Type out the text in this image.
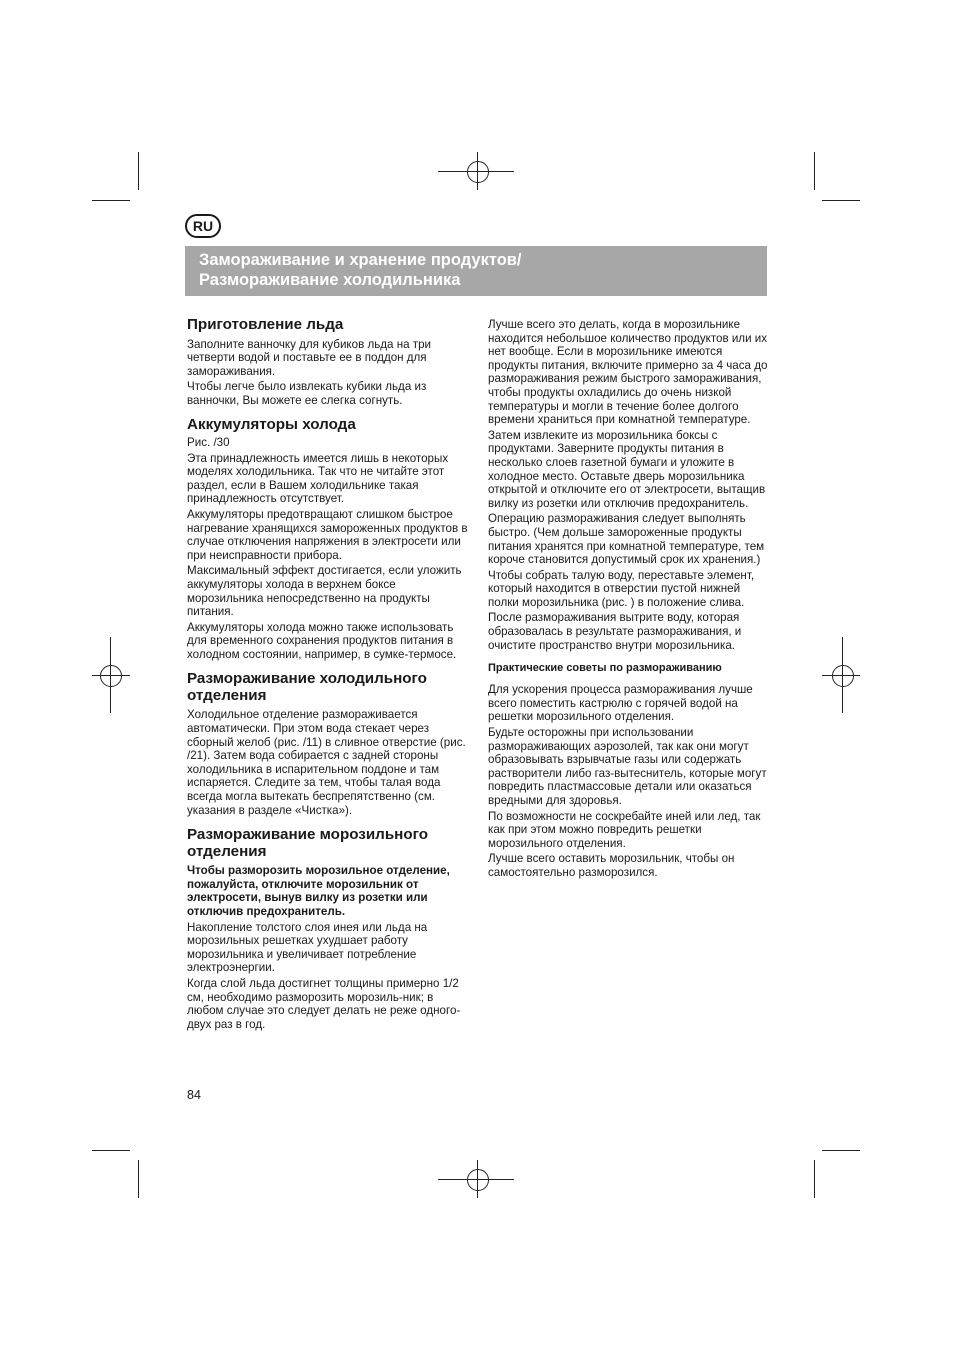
RU
Замораживание и хранение продуктов/
Размораживание холодильника
Приготовление льда

Заполните ванночку для кубиков льда на три четверти водой и поставьте ее в поддон для замораживания.

Чтобы легче было извлекать кубики льда из ванночки, Вы можете ее слегка согнуть.

Аккумуляторы холода

Рис. /30

Эта принадлежность имеется лишь в некоторых моделях холодильника. Так что не читайте этот раздел, если в Вашем холодильнике такая принадлежность отсутствует.

Аккумуляторы предотвращают слишком быстрое нагревание хранящихся замороженных продуктов в случае отключения напряжения в электросети или при неисправности прибора.

Максимальный эффект достигается, если уложить аккумуляторы холода в верхнем боксе морозильника непосредственно на продукты питания.

Аккумуляторы холода можно также использовать для временного сохранения продуктов питания в холодном состоянии, например, в сумке-термосе.

Размораживание холодильного отделения

Холодильное отделение размораживается автоматически. При этом вода стекает через сборный желоб (рис. /11) в сливное отверстие (рис. /21). Затем вода собирается с задней стороны холодильника в испарительном поддоне и там испаряется. Следите за тем, чтобы талая вода всегда могла вытекать беспрепятственно (см. указания в разделе «Чистка»).

Размораживание морозильного отделения

Чтобы разморозить морозильное отделение, пожалуйста, отключите морозильник от электросети, вынув вилку из розетки или отключив предохранитель.

Накопление толстого слоя инея или льда на морозильных решетках ухудшает работу морозильника и увеличивает потребление электроэнергии.

Когда слой льда достигнет толщины примерно 1/2 см, необходимо разморозить морозиль-ник; в любом случае это следует делать не реже одного-двух раз в год.

Лучше всего это делать, когда в морозильнике находится небольшое количество продуктов или их нет вообще. Если в морозильнике имеются продукты питания, включите примерно за 4 часа до размораживания режим быстрого замораживания, чтобы продукты охладились до очень низкой температуры и могли в течение более долгого времени храниться при комнатной температуре.

Затем извлеките из морозильника боксы с продуктами. Заверните продукты питания в несколько слоев газетной бумаги и уложите в холодное место. Оставьте дверь морозильника открытой и отключите его от электросети, вытащив вилку из розетки или отключив предохранитель.

Операцию размораживания следует выполнять быстро. (Чем дольше замороженные продукты питания хранятся при комнатной температуре, тем короче становится допустимый срок их хранения.)

Чтобы собрать талую воду, переставьте элемент, который находится в отверстии пустой нижней полки морозильника (рис. ) в положение слива.

После размораживания вытрите воду, которая образовалась в результате размораживания, и очистите пространство внутри морозильника.

Практические советы по размораживанию

Для ускорения процесса размораживания лучше всего поместить кастрюлю с горячей водой на решетки морозильного отделения.

Будьте осторожны при использовании размораживающих аэрозолей, так как они могут образовывать взрывчатые газы или содержать растворители либо газ-вытеснитель, которые могут повредить пластмассовые детали или оказаться вредными для здоровья.

По возможности не соскребайте иней или лед, так как при этом можно повредить решетки морозильного отделения.

Лучше всего оставить морозильник, чтобы он самостоятельно разморозился.

84
